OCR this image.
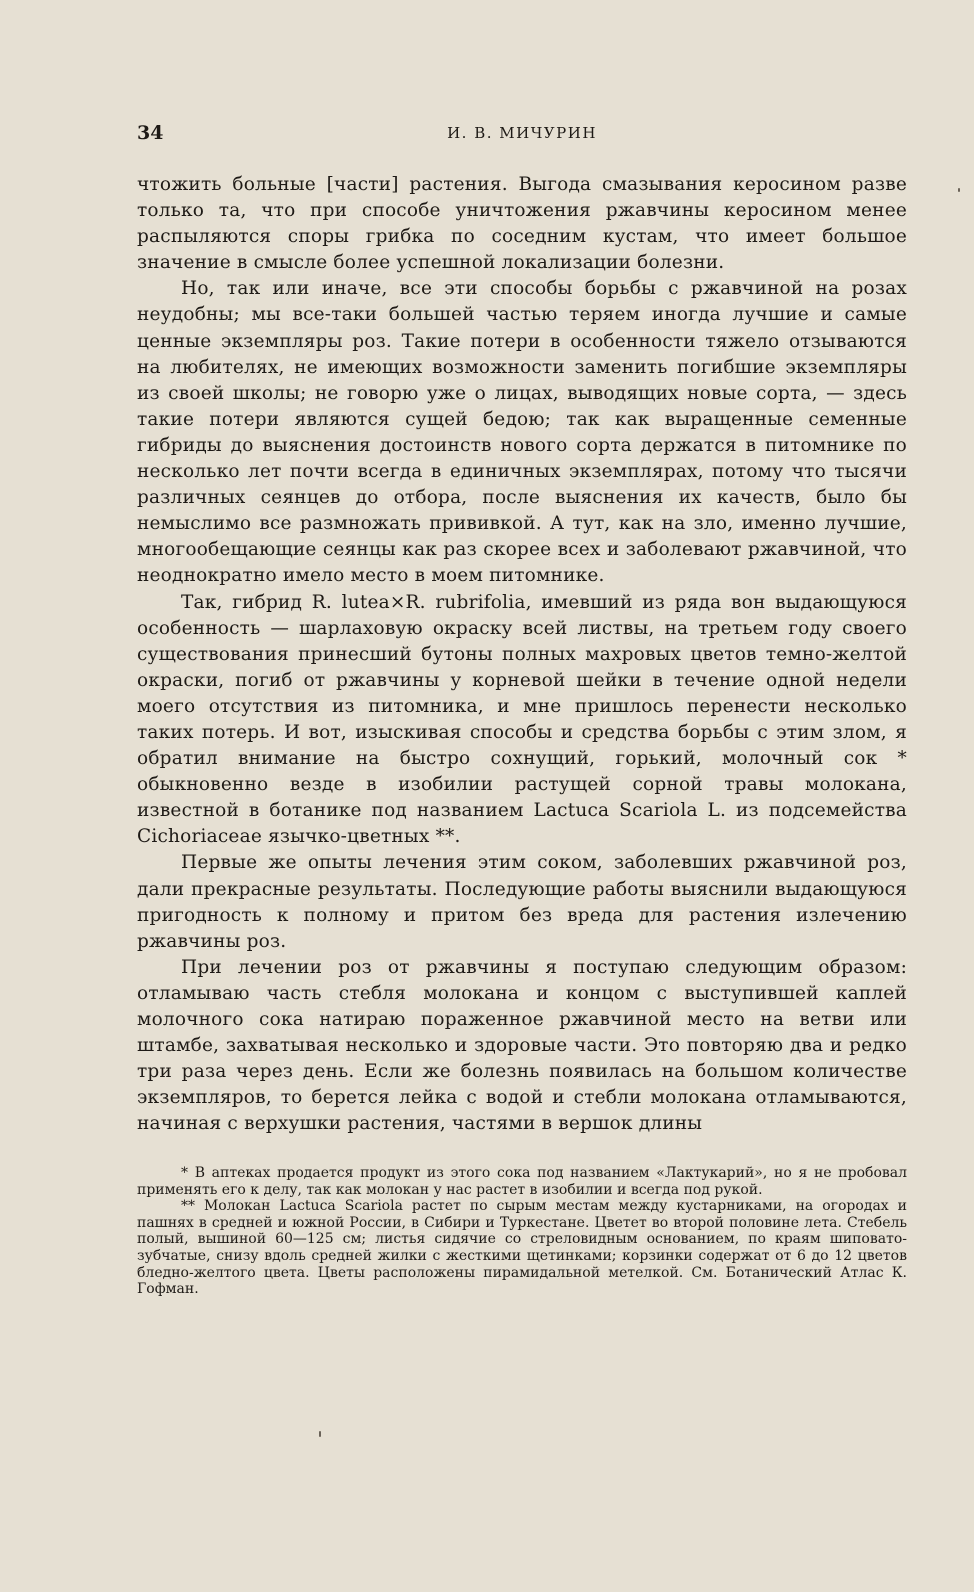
34	И. В. МИЧУРИН

чтожить больные [части] растения. Выгода смазывания керосином разве только та, что при способе уничтожения ржавчины керосином менее распыляются споры грибка по соседним кустам, что имеет большое значение в смысле более успешной локализации болезни.

Но, так или иначе, все эти способы борьбы с ржавчиной на розах неудобны; мы все-таки большей частью теряем иногда лучшие и самые ценные экземпляры роз. Такие потери в особенности тяжело отзываются на любителях, не имеющих возможности заменить погибшие экземпляры из своей школы; не говорю уже о лицах, выводящих новые сорта, — здесь такие потери являются сущей бедою; так как выращенные семенные гибриды до выяснения достоинств нового сорта держатся в питомнике по несколько лет почти всегда в единичных экземплярах, потому что тысячи различных сеянцев до отбора, после выяснения их качеств, было бы немыслимо все размножать прививкой. А тут, как на зло, именно лучшие, многообещающие сеянцы как раз скорее всех и заболевают ржавчиной, что неоднократно имело место в моем питомнике.

Так, гибрид R. lutea×R. rubrifolia, имевший из ряда вон выдающуюся особенность — шарлаховую окраску всей листвы, на третьем году своего существования принесший бутоны полных махровых цветов темно-желтой окраски, погиб от ржавчины у корневой шейки в течение одной недели моего отсутствия из питомника, и мне пришлось перенести несколько таких потерь. И вот, изыскивая способы и средства борьбы с этим злом, я обратил внимание на быстро сохнущий, горький, молочный сок * обыкновенно везде в изобилии растущей сорной травы молокана, известной в ботанике под названием Lactuca Scariola L. из подсемейства Cichoriaceae язычко-цветных **.

Первые же опыты лечения этим соком, заболевших ржавчиной роз, дали прекрасные результаты. Последующие работы выяснили выдающуюся пригодность к полному и притом без вреда для растения излечению ржавчины роз.

При лечении роз от ржавчины я поступаю следующим образом: отламываю часть стебля молокана и концом с выступившей каплей молочного сока натираю пораженное ржавчиной место на ветви или штамбе, захватывая несколько и здоровые части. Это повторяю два и редко три раза через день. Если же болезнь появилась на большом количестве экземпляров, то берется лейка с водой и стебли молокана отламываются, начиная с верхушки растения, частями в вершок длины

* В аптеках продается продукт из этого сока под названием «Лактукарий», но я не пробовал применять его к делу, так как молокан у нас растет в изобилии и всегда под рукой.

** Молокан Lactuca Scariola растет по сырым местам между кустарниками, на огородах и пашнях в средней и южной России, в Сибири и Туркестане. Цветет во второй половине лета. Стебель полый, вышиной 60—125 см; листья сидячие со стреловидным основанием, по краям шиповато-зубчатые, снизу вдоль средней жилки с жесткими щетинками; корзинки содержат от 6 до 12 цветов бледно-желтого цвета. Цветы расположены пирамидальной метелкой. См. Ботанический Атлас К. Гофман.
